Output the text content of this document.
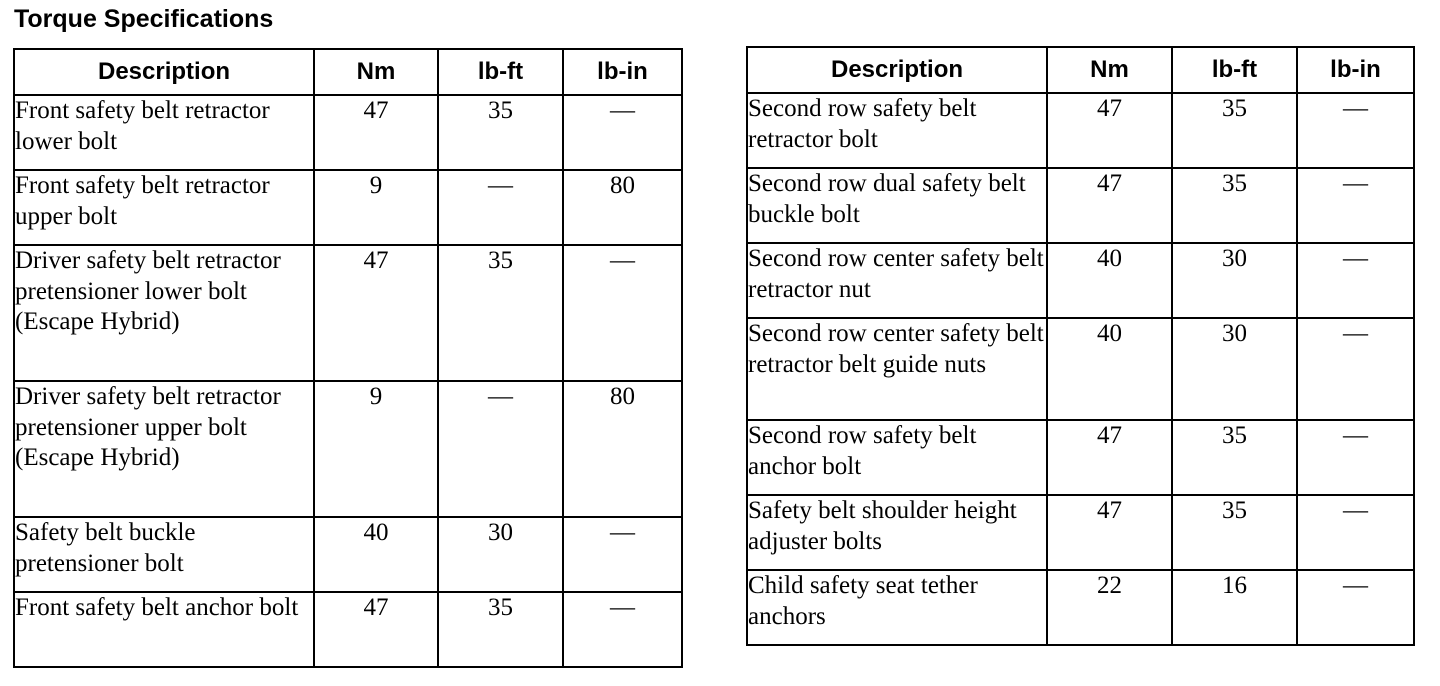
Torque Specifications
Description	Nm	lb-ft	lb-in
Front safety belt retractor lower bolt	47	35	—
Front safety belt retractor upper bolt	9	—	80
Driver safety belt retractor pretensioner lower bolt (Escape Hybrid)	47	35	—
Driver safety belt retractor pretensioner upper bolt (Escape Hybrid)	9	—	80
Safety belt buckle pretensioner bolt	40	30	—
Front safety belt anchor bolt	47	35	—
Description	Nm	lb-ft	lb-in
Second row safety belt retractor bolt	47	35	—
Second row dual safety belt buckle bolt	47	35	—
Second row center safety belt retractor nut	40	30	—
Second row center safety belt retractor belt guide nuts	40	30	—
Second row safety belt anchor bolt	47	35	—
Safety belt shoulder height adjuster bolts	47	35	—
Child safety seat tether anchors	22	16	—
